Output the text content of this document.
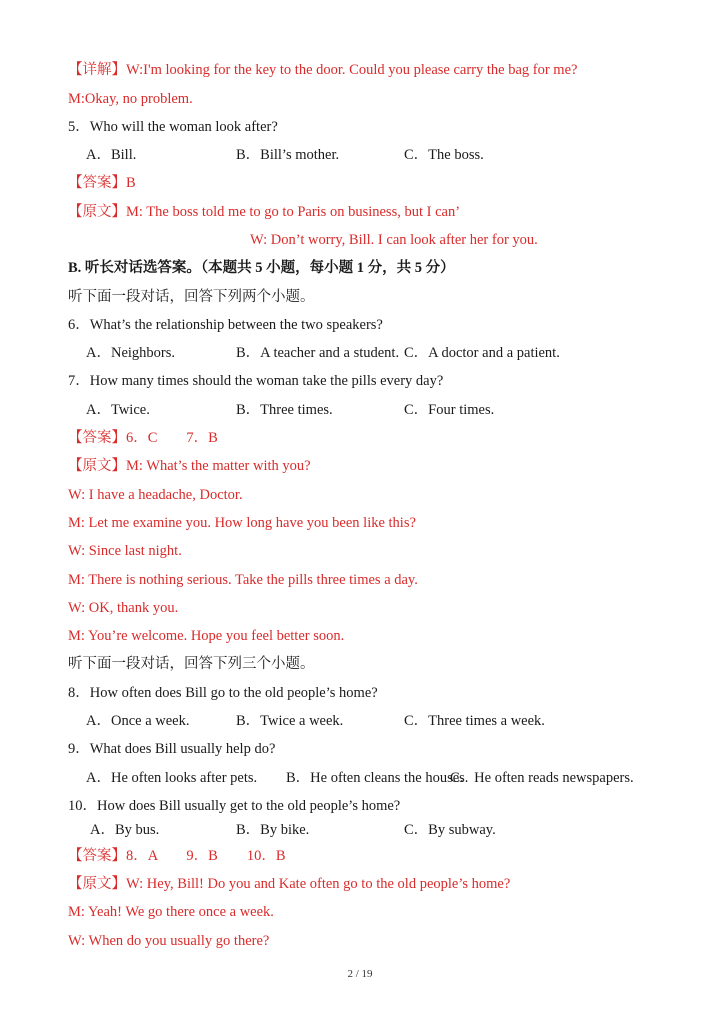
【详解】W:I'm looking for the key to the door. Could you please carry the bag for me?
M:Okay, no problem.
5．Who will the woman look after?
A．Bill.	B．Bill’s mother.	C．The boss.
【答案】B
【原文】M: The boss told me to go to Paris on business, but I can’
W: Don’t worry, Bill. I can look after her for you.
B. 听长对话选答案。（本题共 5 小题，每小题 1 分，共 5 分）
听下面一段对话，回答下列两个小题。
6．What’s the relationship between the two speakers?
A．Neighbors.	B．A teacher and a student. C．A doctor and a patient.
7．How many times should the woman take the pills every day?
A．Twice.	B．Three times.	C．Four times.
【答案】6．C　　7．B
【原文】M: What’s the matter with you?
W: I have a headache, Doctor.
M: Let me examine you. How long have you been like this?
W: Since last night.
M: There is nothing serious. Take the pills three times a day.
W: OK, thank you.
M: You’re welcome. Hope you feel better soon.
听下面一段对话，回答下列三个小题。
8．How often does Bill go to the old people’s home?
A．Once a week.	B．Twice a week.	C．Three times a week.
9．What does Bill usually help do?
A．He often looks after pets. B．He often cleans the houses.
C．He often reads newspapers.
10．How does Bill usually get to the old people’s home?
A．By bus.	B．By bike.	C．By subway.
【答案】8．A　　9．B　　10．B
【原文】W: Hey, Bill! Do you and Kate often go to the old people’s home?
M: Yeah! We go there once a week.
W: When do you usually go there?
2 / 19
